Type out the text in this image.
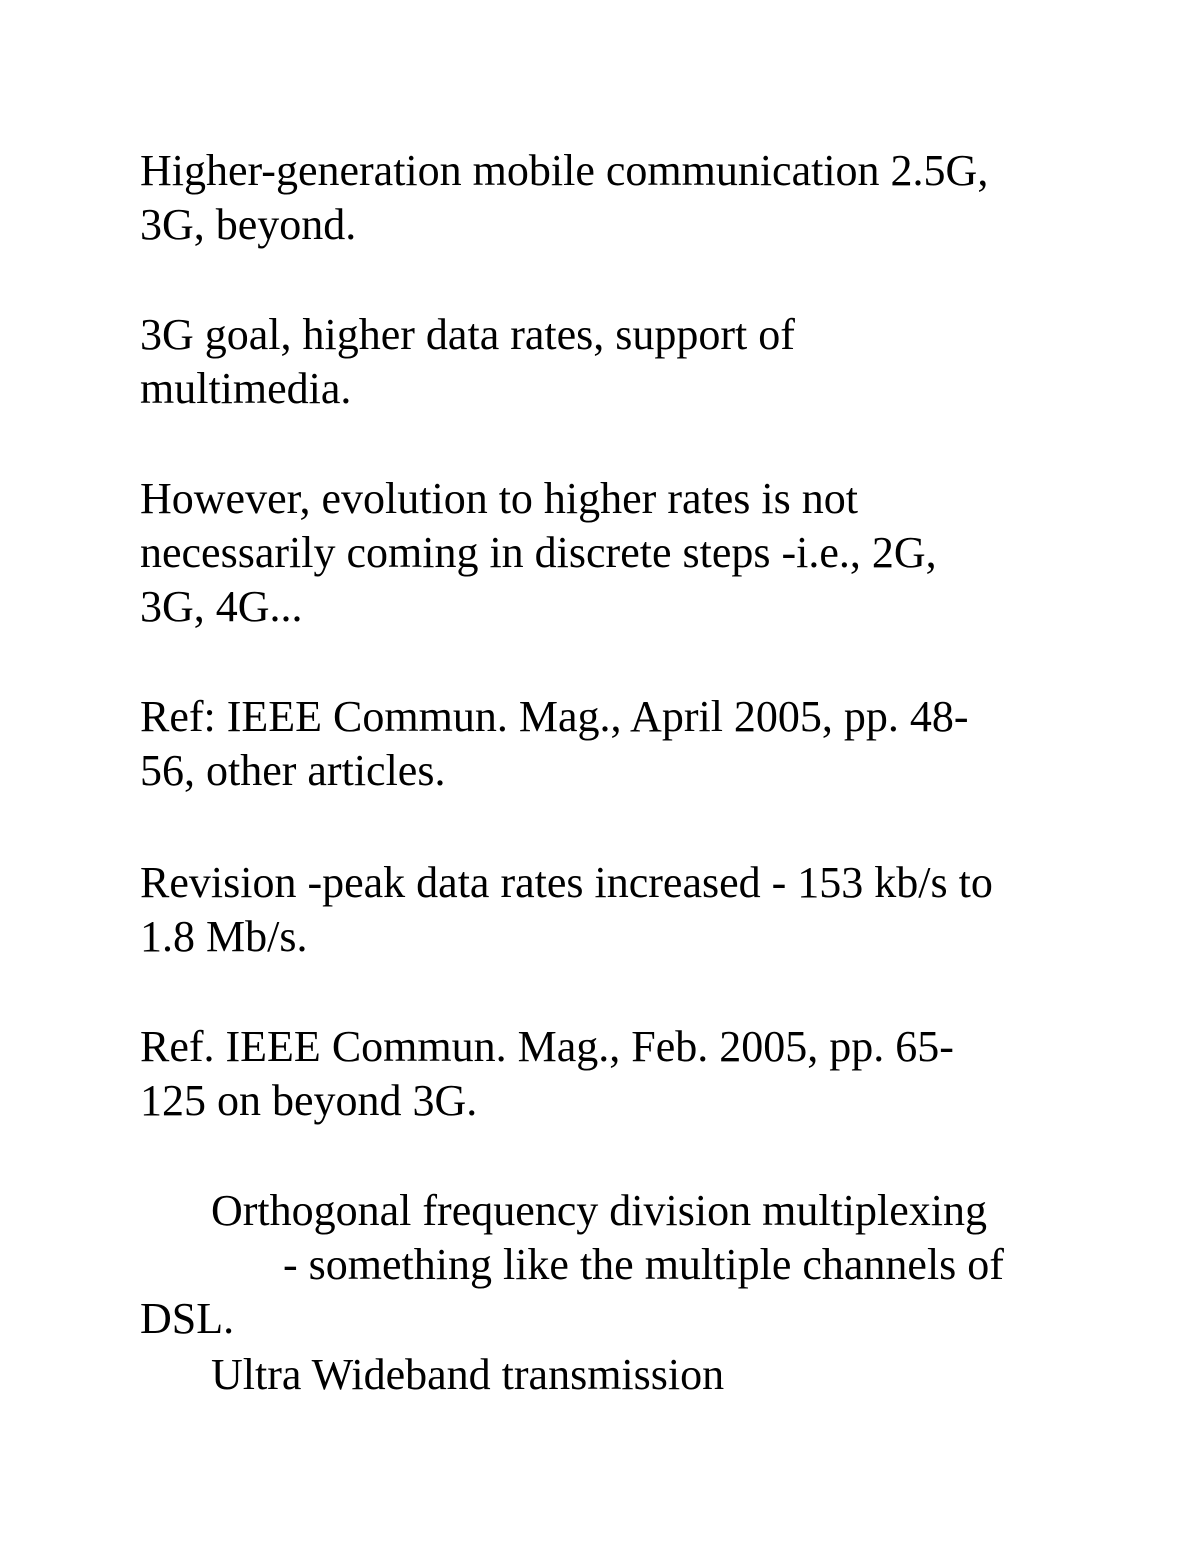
Higher-generation mobile communication 2.5G,
3G, beyond.
3G goal, higher data rates, support of
multimedia.
However, evolution to higher rates is not
necessarily coming in discrete steps -i.e., 2G,
3G, 4G...
Ref: IEEE Commun. Mag., April 2005, pp. 48-
56, other articles.
Revision -peak data rates increased - 153 kb/s to
1.8 Mb/s.
Ref. IEEE Commun. Mag., Feb. 2005, pp. 65-
125 on beyond 3G.
Orthogonal frequency division multiplexing
- something like the multiple channels of
DSL.
Ultra Wideband transmission
